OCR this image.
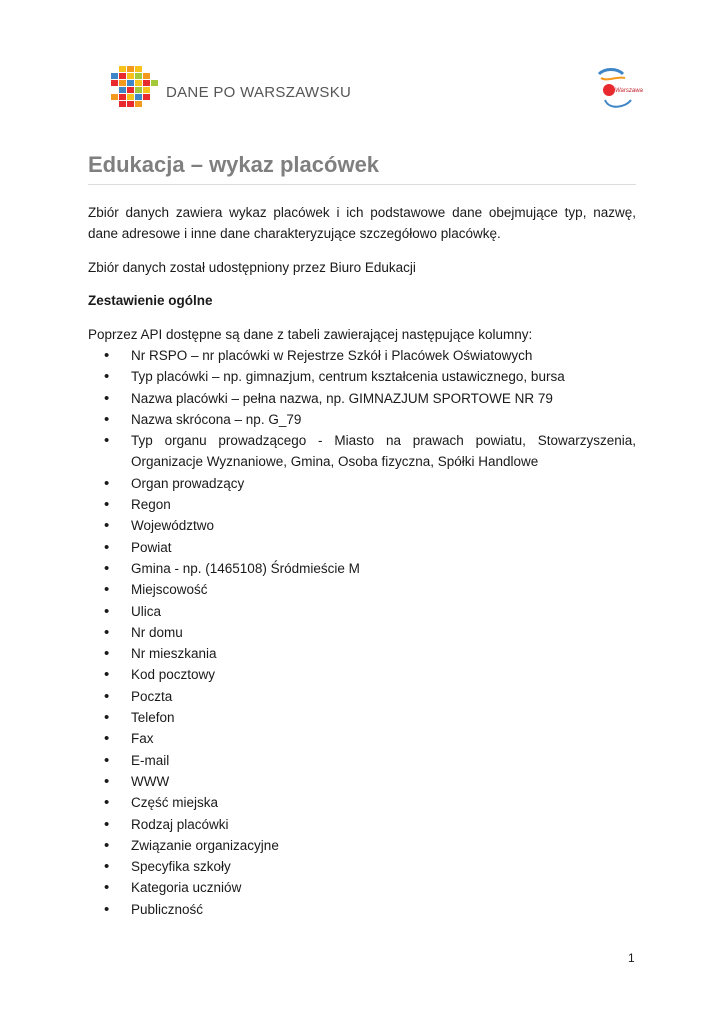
DANE PO WARSZAWSKU	Warszawa
Edukacja – wykaz placówek

Zbiór danych zawiera wykaz placówek i ich podstawowe dane obejmujące typ, nazwę, dane adresowe i inne dane charakteryzujące szczegółowo placówkę.

Zbiór danych został udostępniony przez Biuro Edukacji

Zestawienie ogólne

Poprzez API dostępne są dane z tabeli zawierającej następujące kolumny:

• Nr RSPO – nr placówki w Rejestrze Szkół i Placówek Oświatowych
• Typ placówki – np. gimnazjum, centrum kształcenia ustawicznego, bursa
• Nazwa placówki – pełna nazwa, np. GIMNAZJUM SPORTOWE NR 79
• Nazwa skrócona – np. G_79
• Typ organu prowadzącego - Miasto na prawach powiatu, Stowarzyszenia, Organizacje Wyznaniowe, Gmina, Osoba fizyczna, Spółki Handlowe
• Organ prowadzący
• Regon
• Województwo
• Powiat
• Gmina - np. (1465108) Śródmieście M
• Miejscowość
• Ulica
• Nr domu
• Nr mieszkania
• Kod pocztowy
• Poczta
• Telefon
• Fax
• E-mail
• WWW
• Część miejska
• Rodzaj placówki
• Związanie organizacyjne
• Specyfika szkoły
• Kategoria uczniów
• Publiczność
1
